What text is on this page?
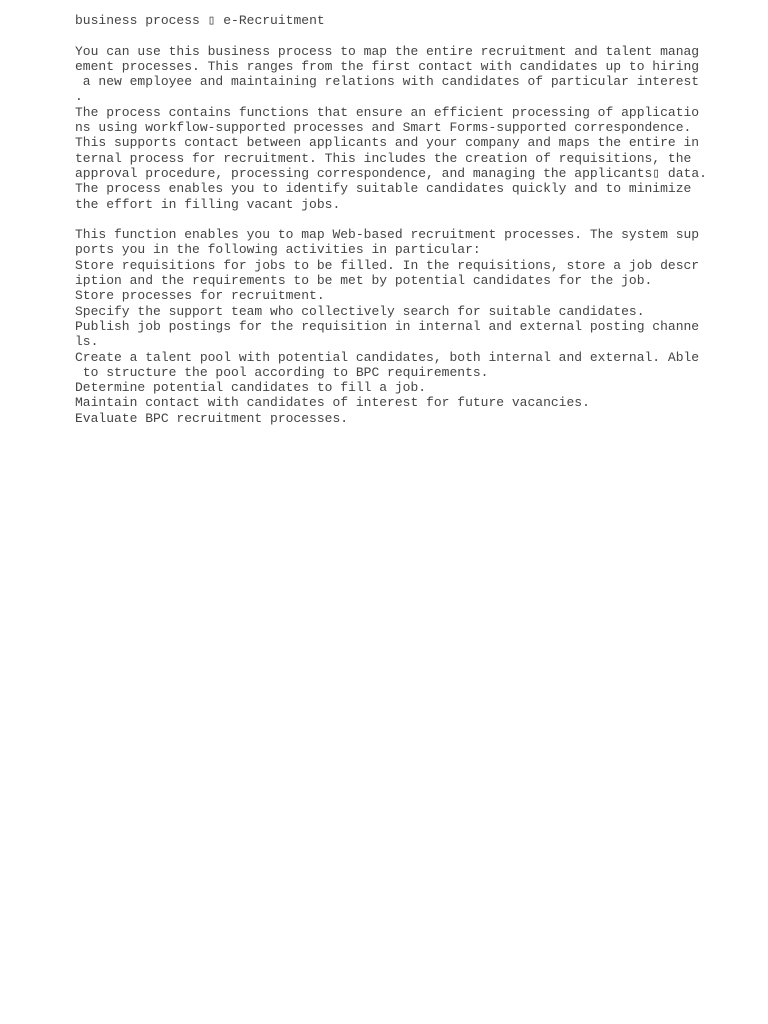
business process ▯ e-Recruitment
You can use this business process to map the entire recruitment and talent manag
ement processes. This ranges from the first contact with candidates up to hiring
a new employee and maintaining relations with candidates of particular interest
.
The process contains functions that ensure an efficient processing of applicatio
ns using workflow-supported processes and Smart Forms-supported correspondence.
This supports contact between applicants and your company and maps the entire in
ternal process for recruitment. This includes the creation of requisitions, the
approval procedure, processing correspondence, and managing the applicants▯ data.
The process enables you to identify suitable candidates quickly and to minimize
the effort in filling vacant jobs.
This function enables you to map Web-based recruitment processes. The system sup
ports you in the following activities in particular:
Store requisitions for jobs to be filled. In the requisitions, store a job descr
iption and the requirements to be met by potential candidates for the job.
Store processes for recruitment.
Specify the support team who collectively search for suitable candidates.
Publish job postings for the requisition in internal and external posting channe
ls.
Create a talent pool with potential candidates, both internal and external. Able
to structure the pool according to BPC requirements.
Determine potential candidates to fill a job.
Maintain contact with candidates of interest for future vacancies.
Evaluate BPC recruitment processes.
